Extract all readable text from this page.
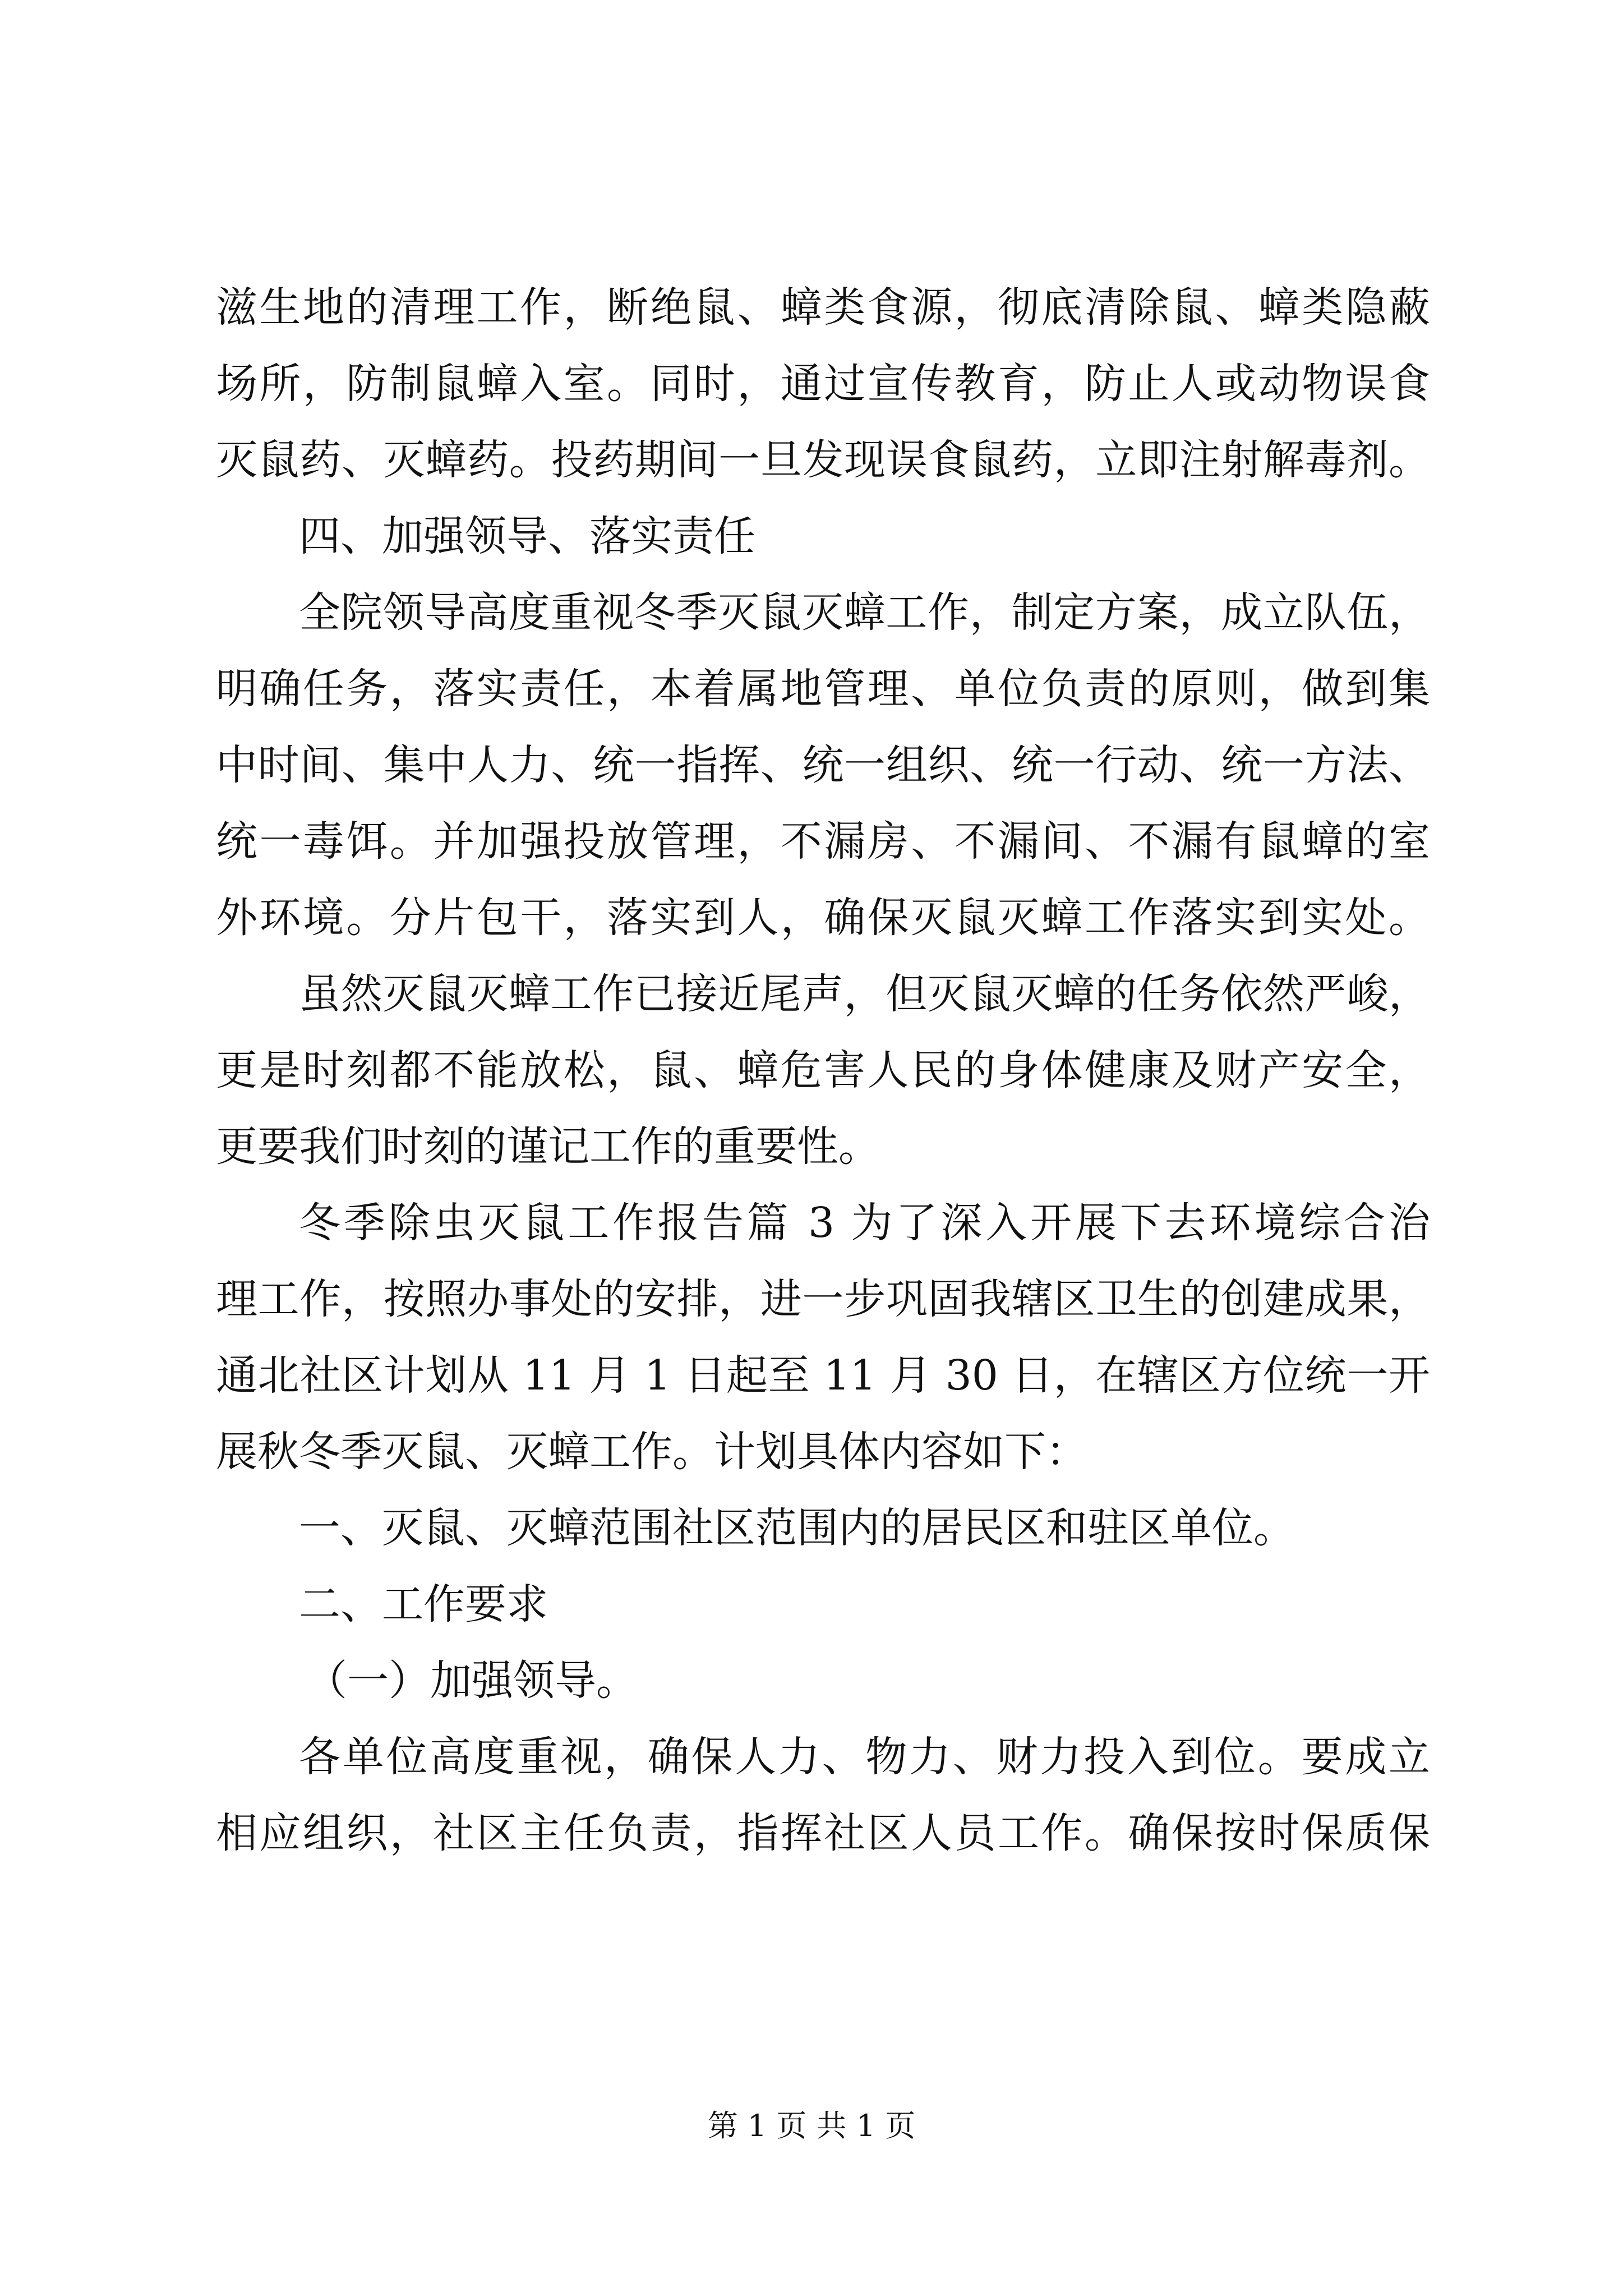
滋生地的清理工作，断绝鼠、蟑类食源，彻底清除鼠、蟑类隐蔽

场所，防制鼠蟑入室。同时，通过宣传教育，防止人或动物误食

灭鼠药、灭蟑药。投药期间一旦发现误食鼠药，立即注射解毒剂。

四、加强领导、落实责任

全院领导高度重视冬季灭鼠灭蟑工作，制定方案，成立队伍，

明确任务，落实责任，本着属地管理、单位负责的原则，做到集

中时间、集中人力、统一指挥、统一组织、统一行动、统一方法、

统一毒饵。并加强投放管理，不漏房、不漏间、不漏有鼠蟑的室

外环境。分片包干，落实到人，确保灭鼠灭蟑工作落实到实处。

虽然灭鼠灭蟑工作已接近尾声，但灭鼠灭蟑的任务依然严峻，

更是时刻都不能放松，鼠、蟑危害人民的身体健康及财产安全，

更要我们时刻的谨记工作的重要性。

冬季除虫灭鼠工作报告篇 3 为了深入开展下去环境综合治

理工作，按照办事处的安排，进一步巩固我辖区卫生的创建成果，

通北社区计划从 11 月 1 日起至 11 月 30 日，在辖区方位统一开

展秋冬季灭鼠、灭蟑工作。计划具体内容如下：

一、灭鼠、灭蟑范围社区范围内的居民区和驻区单位。

二、工作要求

（一）加强领导。

各单位高度重视，确保人力、物力、财力投入到位。要成立

相应组织，社区主任负责，指挥社区人员工作。确保按时保质保

第 1 页 共 1 页
